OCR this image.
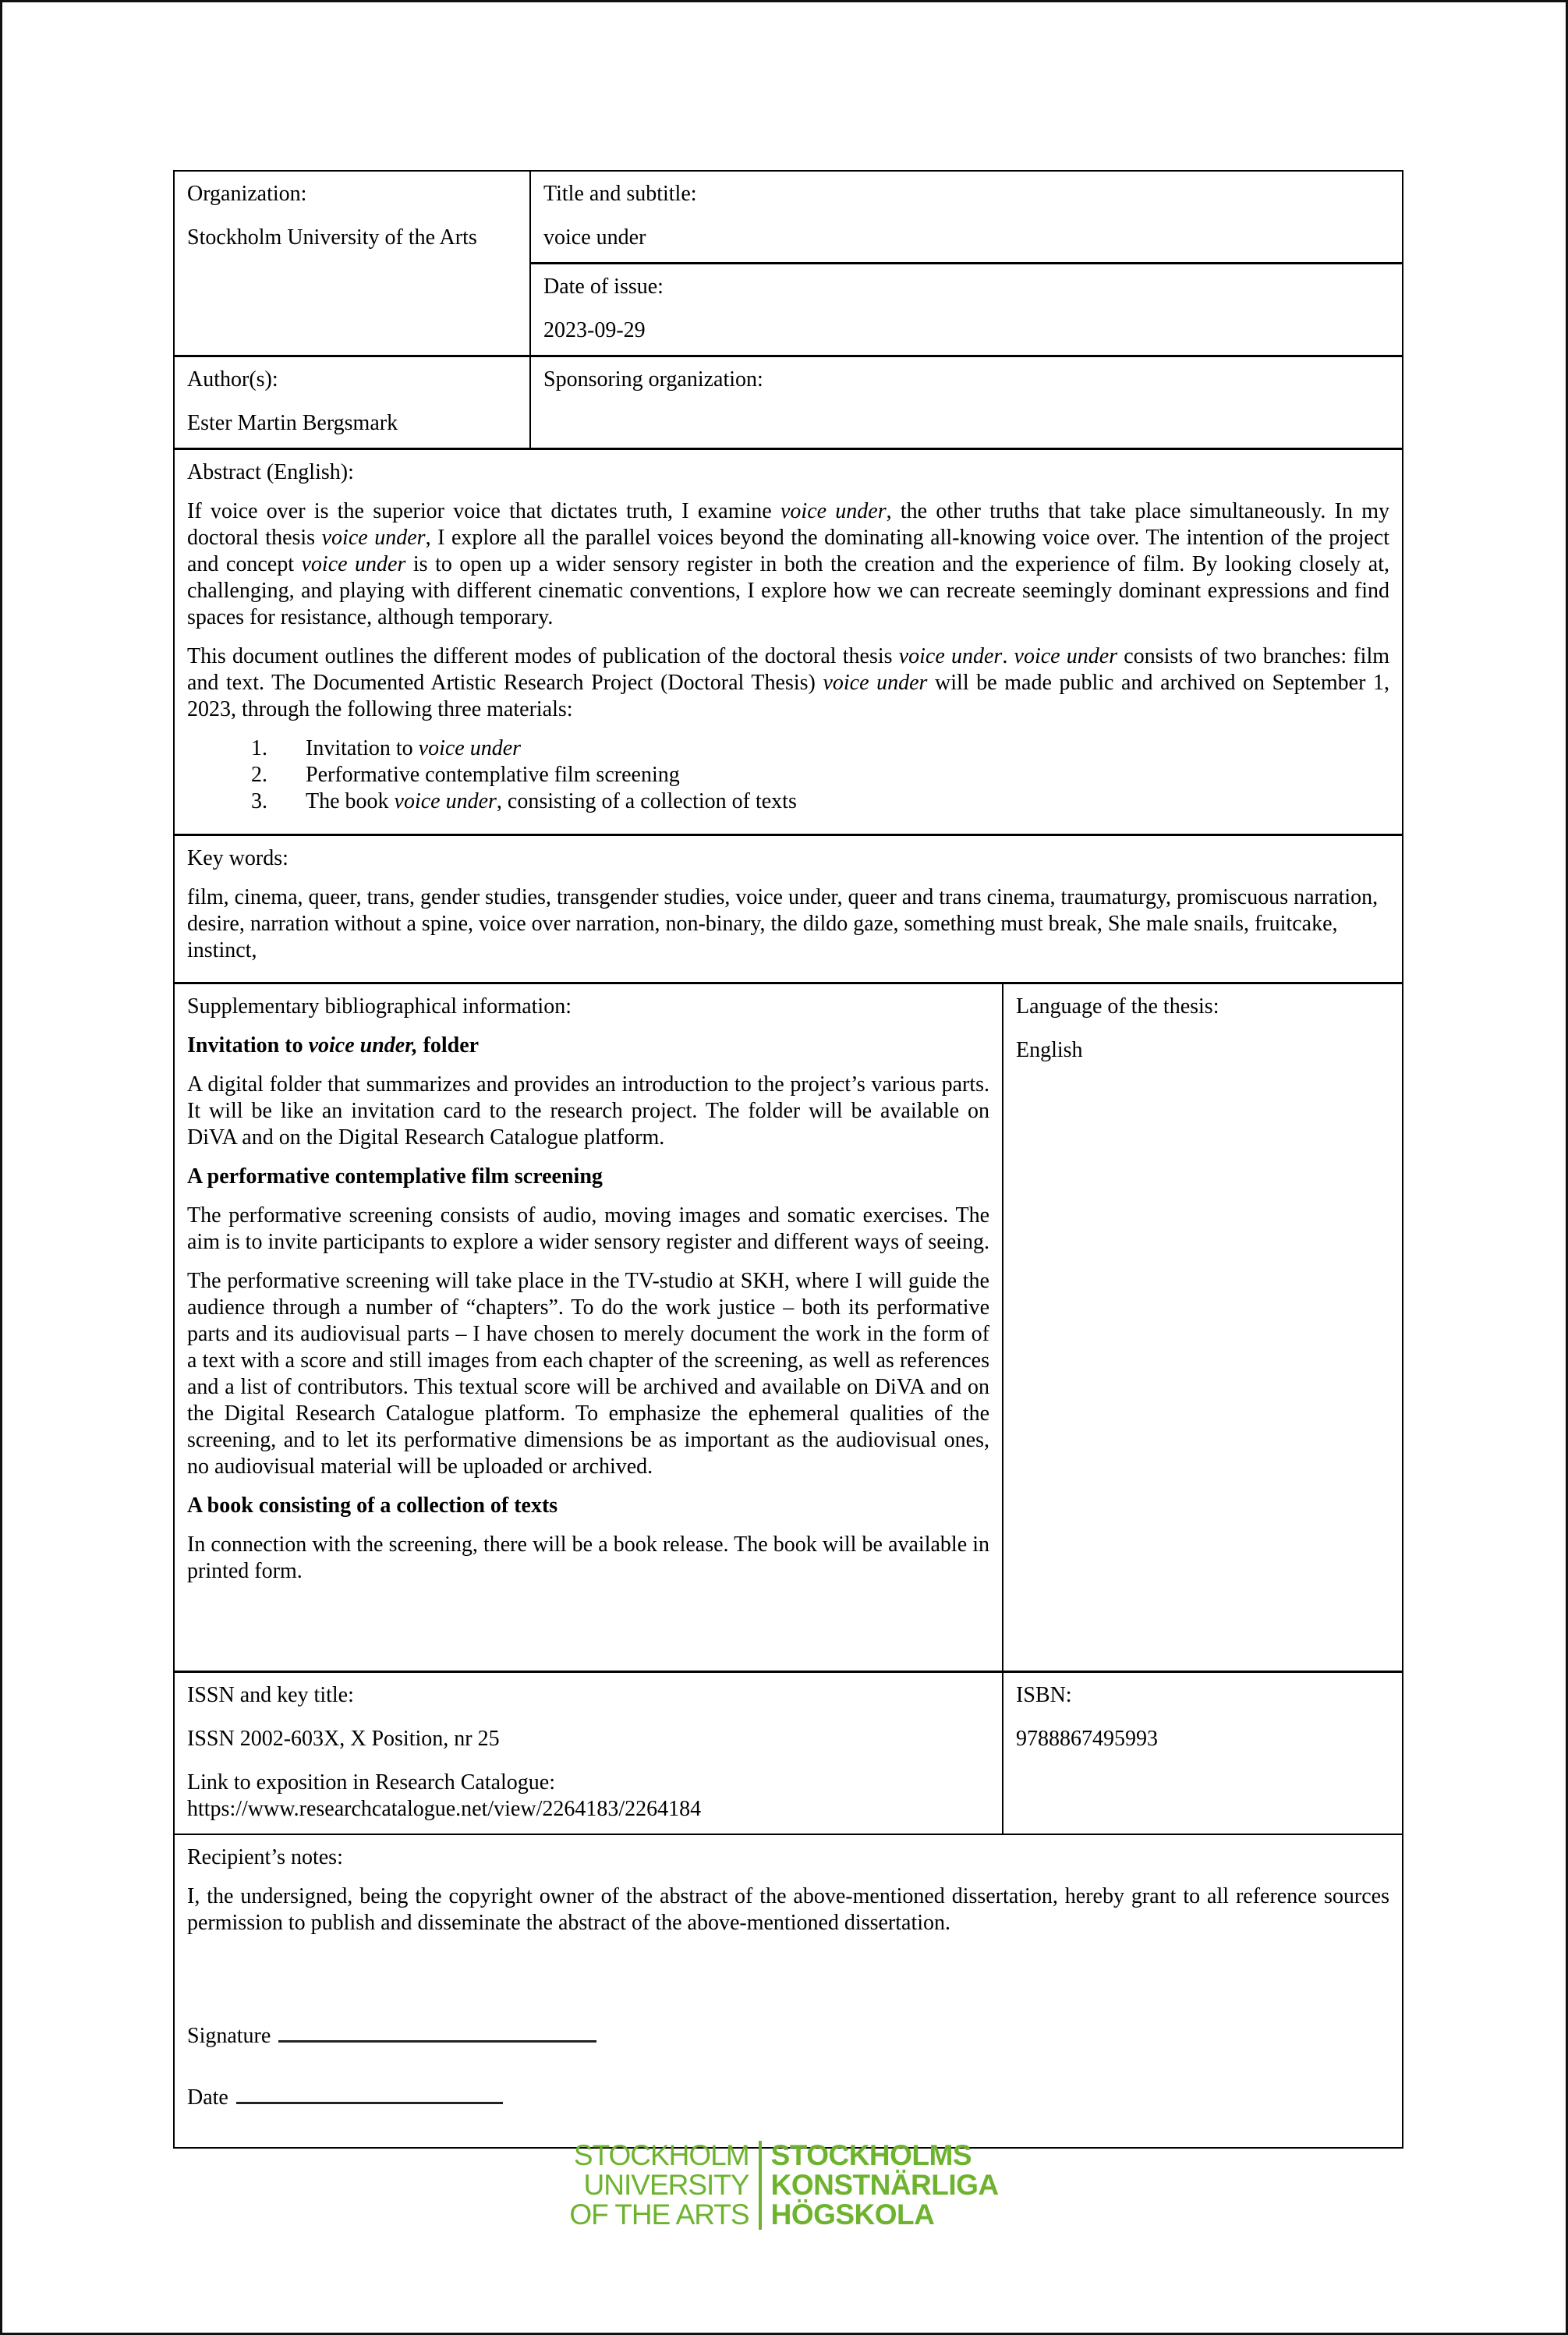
Organization:
Stockholm University of the Arts
Title and subtitle:
voice under
Date of issue:
2023-09-29
Author(s):
Ester Martin Bergsmark
Sponsoring organization:
Abstract (English):

If voice over is the superior voice that dictates truth, I examine voice under, the other truths that take place simultaneously. In my doctoral thesis voice under, I explore all the parallel voices beyond the dominating all-knowing voice over. The intention of the project and concept voice under is to open up a wider sensory register in both the creation and the experience of film. By looking closely at, challenging, and playing with different cinematic conventions, I explore how we can recreate seemingly dominant expressions and find spaces for resistance, although temporary.

This document outlines the different modes of publication of the doctoral thesis voice under. voice under consists of two branches: film and text. The Documented Artistic Research Project (Doctoral Thesis) voice under will be made public and archived on September 1, 2023, through the following three materials:

1.	Invitation to voice under
2.	Performative contemplative film screening
3.	The book voice under, consisting of a collection of texts
Key words:

film, cinema, queer, trans, gender studies, transgender studies, voice under, queer and trans cinema, traumaturgy, promiscuous narration, desire, narration without a spine, voice over narration, non-binary, the dildo gaze, something must break, She male snails, fruitcake, instinct,

Supplementary bibliographical information:

Invitation to voice under, folder

A digital folder that summarizes and provides an introduction to the project’s various parts. It will be like an invitation card to the research project. The folder will be available on DiVA and on the Digital Research Catalogue platform.

A performative contemplative film screening

The performative screening consists of audio, moving images and somatic exercises. The aim is to invite participants to explore a wider sensory register and different ways of seeing.

The performative screening will take place in the TV-studio at SKH, where I will guide the audience through a number of “chapters”. To do the work justice – both its performative parts and its audiovisual parts – I have chosen to merely document the work in the form of a text with a score and still images from each chapter of the screening, as well as references and a list of contributors. This textual score will be archived and available on DiVA and on the Digital Research Catalogue platform. To emphasize the ephemeral qualities of the screening, and to let its performative dimensions be as important as the audiovisual ones, no audiovisual material will be uploaded or archived.

A book consisting of a collection of texts

In connection with the screening, there will be a book release. The book will be available in printed form.

Language of the thesis:
English
ISSN and key title:
ISSN 2002-603X, X Position, nr 25
Link to exposition in Research Catalogue:
https://www.researchcatalogue.net/view/2264183/2264184
ISBN:
9788867495993
Recipient’s notes:

I, the undersigned, being the copyright owner of the abstract of the above-mentioned dissertation, hereby grant to all reference sources permission to publish and disseminate the abstract of the above-mentioned dissertation.

Signature
Date
STOCKHOLM
UNIVERSITY
OF THE ARTS
STOCKHOLMS
KONSTNÄRLIGA
HÖGSKOLA
